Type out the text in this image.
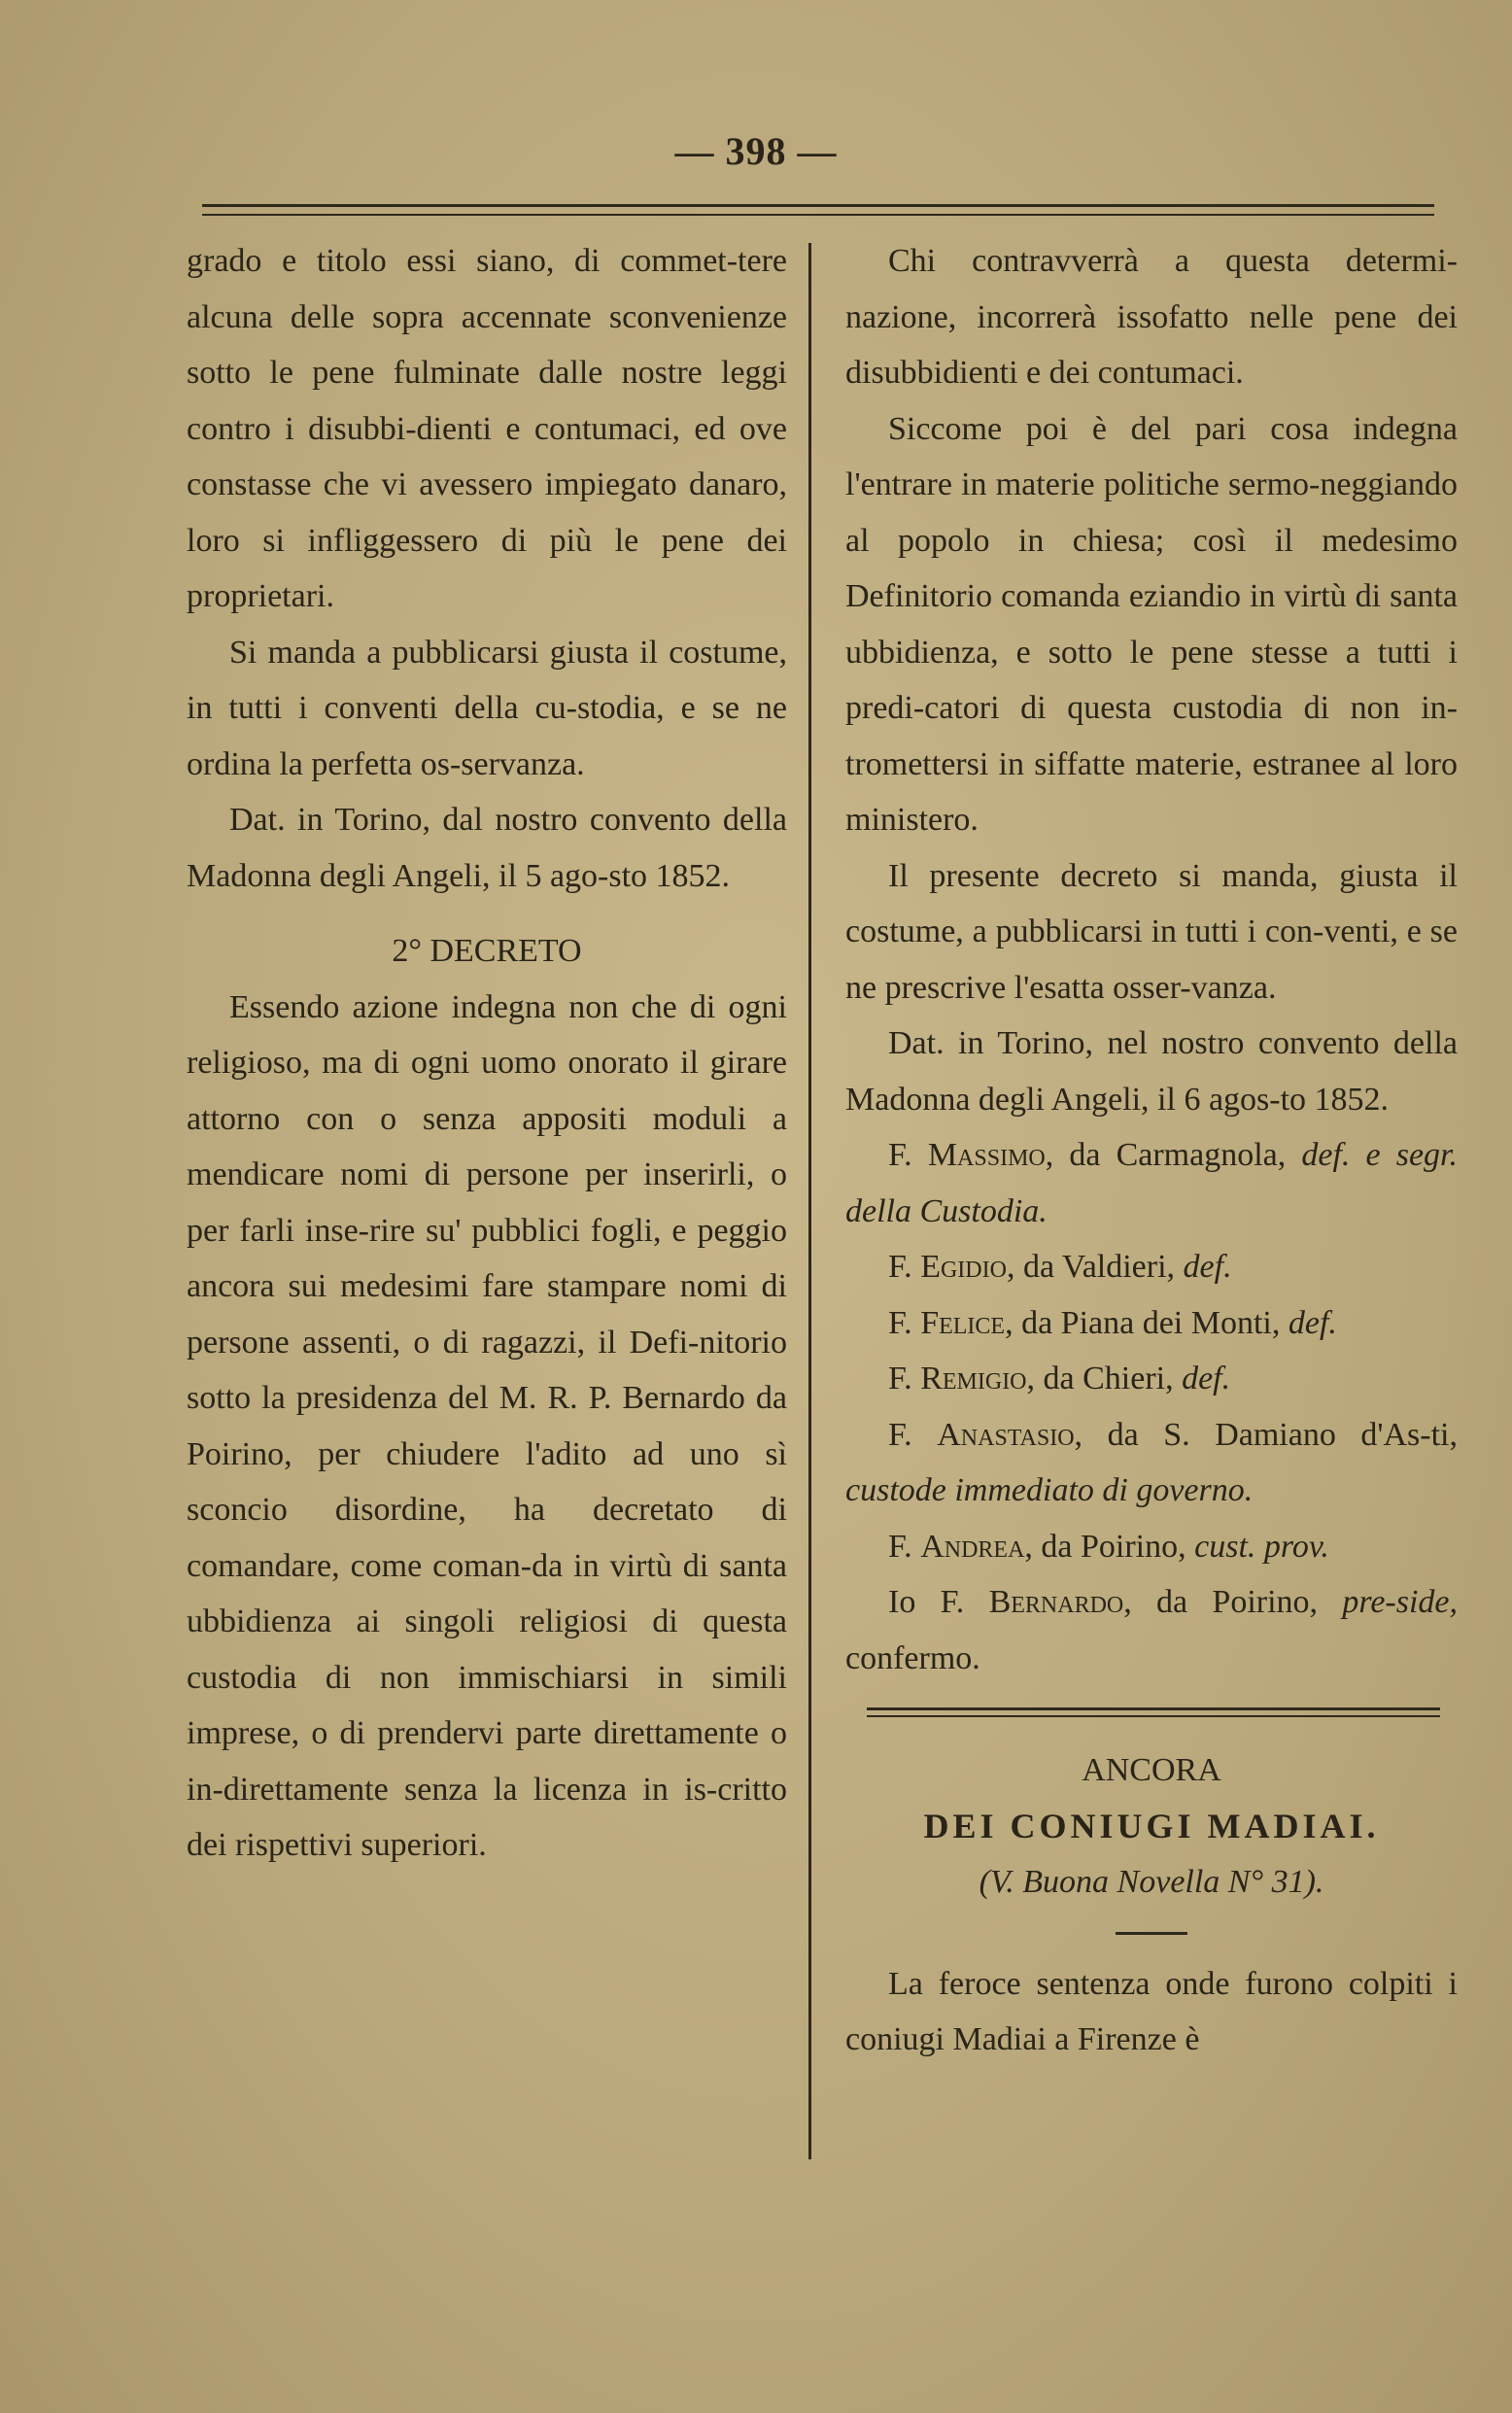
— 398 —

grado e titolo essi siano, di commet-tere alcuna delle sopra accennate sconvenienze sotto le pene fulminate dalle nostre leggi contro i disubbi-dienti e contumaci, ed ove constasse che vi avessero impiegato danaro, loro si infliggessero di più le pene dei proprietari.

Si manda a pubblicarsi giusta il costume, in tutti i conventi della cu-stodia, e se ne ordina la perfetta os-servanza.

Dat. in Torino, dal nostro convento della Madonna degli Angeli, il 5 ago-sto 1852.

2° DECRETO

Essendo azione indegna non che di ogni religioso, ma di ogni uomo onorato il girare attorno con o senza appositi moduli a mendicare nomi di persone per inserirli, o per farli inse-rire su' pubblici fogli, e peggio ancora sui medesimi fare stampare nomi di persone assenti, o di ragazzi, il Defi-nitorio sotto la presidenza del M. R. P. Bernardo da Poirino, per chiudere l'adito ad uno sì sconcio disordine, ha decretato di comandare, come coman-da in virtù di santa ubbidienza ai singoli religiosi di questa custodia di non immischiarsi in simili imprese, o di prendervi parte direttamente o in-direttamente senza la licenza in is-critto dei rispettivi superiori.

Chi contravverrà a questa determi-nazione, incorrerà issofatto nelle pene dei disubbidienti e dei contumaci.

Siccome poi è del pari cosa indegna l'entrare in materie politiche sermo-neggiando al popolo in chiesa; così il medesimo Definitorio comanda eziandio in virtù di santa ubbidienza, e sotto le pene stesse a tutti i predi-catori di questa custodia di non in-tromettersi in siffatte materie, estranee al loro ministero.

Il presente decreto si manda, giusta il costume, a pubblicarsi in tutti i con-venti, e se ne prescrive l'esatta osser-vanza.

Dat. in Torino, nel nostro convento della Madonna degli Angeli, il 6 agos-to 1852.

F. Massimo, da Carmagnola, def. e segr. della Custodia.

F. Egidio, da Valdieri, def.

F. Felice, da Piana dei Monti, def.

F. Remigio, da Chieri, def.

F. Anastasio, da S. Damiano d'As-ti, custode immediato di governo.

F. Andrea, da Poirino, cust. prov.

Io F. Bernardo, da Poirino, pre-side, confermo.

ANCORA

DEI CONIUGI MADIAI.

(V. Buona Novella N° 31).

La feroce sentenza onde furono colpiti i coniugi Madiai a Firenze è
